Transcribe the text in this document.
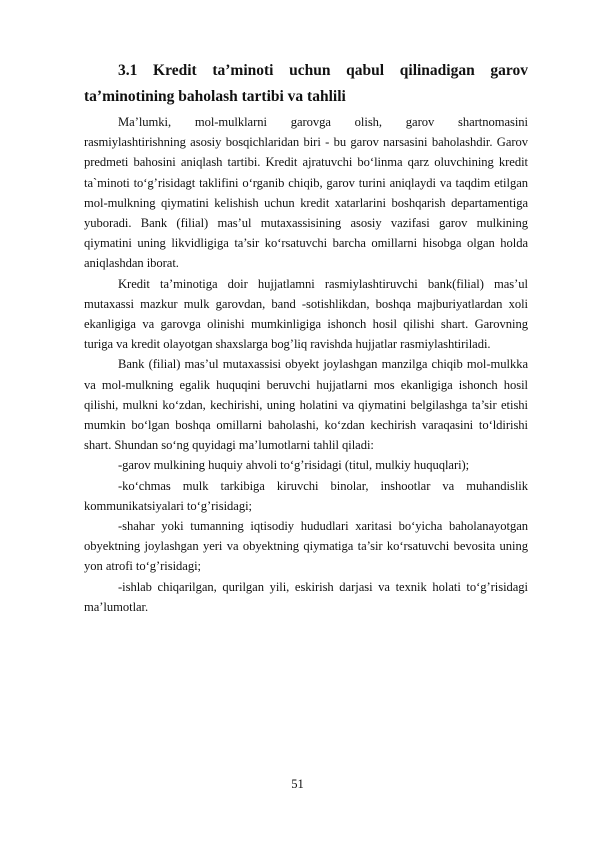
3.1 Kredit ta’minoti uchun qabul qilinadigan garov ta’minotining baholash tartibi va tahlili

Ma’lumki, mol-mulklarni garovga olish, garov shartnomasini rasmiylashtirishning asosiy bosqichlaridan biri - bu garov narsasini baholashdir. Garov predmeti bahosini aniqlash tartibi. Kredit ajratuvchi bo‘linma qarz oluvchining kredit ta`minoti to‘g’risidagt taklifini o‘rganib chiqib, garov turini aniqlaydi va taqdim etilgan mol-mulkning qiymatini kelishish uchun kredit xatarlarini boshqarish departamentiga yuboradi. Bank (filial) mas’ul mutaxassisining asosiy vazifasi garov mulkining qiymatini uning likvidligiga ta’sir ko‘rsatuvchi barcha omillarni hisobga olgan holda aniqlashdan iborat.

Kredit ta’minotiga doir hujjatlamni rasmiylashtiruvchi bank(filial) mas’ul mutaxassi mazkur mulk garovdan, band -sotishlikdan, boshqa majburiyatlardan xoli ekanligiga va garovga olinishi mumkinligiga ishonch hosil qilishi shart. Garovning turiga va kredit olayotgan shaxslarga bog’liq ravishda hujjatlar rasmiylashtiriladi.

Bank (filial) mas’ul mutaxassisi obyekt joylashgan manzilga chiqib mol-mulkka va mol-mulkning egalik huquqini beruvchi hujjatlarni mos ekanligiga ishonch hosil qilishi, mulkni ko‘zdan, kechirishi, uning holatini va qiymatini belgilashga ta’sir etishi mumkin bo‘lgan boshqa omillarni baholashi, ko‘zdan kechirish varaqasini to‘ldirishi shart. Shundan so‘ng quyidagi ma’lumotlarni tahlil qiladi:

-garov mulkining huquiy ahvoli to‘g’risidagi (titul, mulkiy huquqlari);

-ko‘chmas mulk tarkibiga kiruvchi binolar, inshootlar va muhandislik kommunikatsiyalari to‘g’risidagi;

-shahar yoki tumanning iqtisodiy hududlari xaritasi bo‘yicha baholanayotgan obyektning joylashgan yeri va obyektning qiymatiga ta’sir ko‘rsatuvchi bevosita uning yon atrofi to‘g’risidagi;

-ishlab chiqarilgan, qurilgan yili, eskirish darjasi va texnik holati to‘g’risidagi ma’lumotlar.

51
